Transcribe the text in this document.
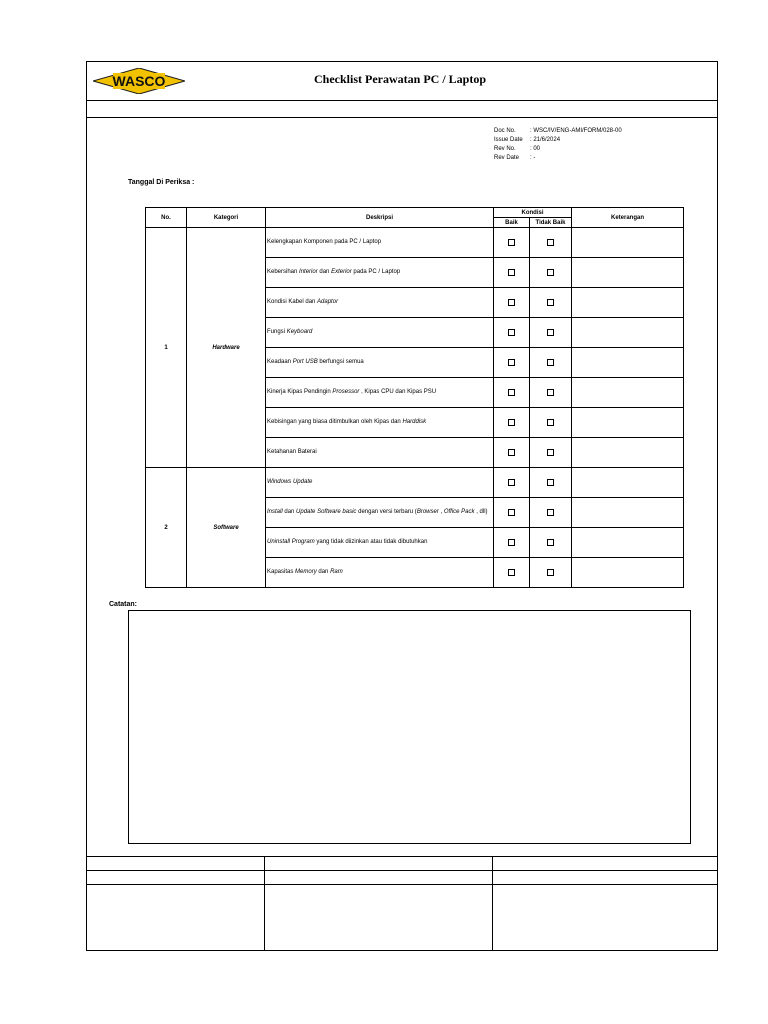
WASCO	Checklist Perawatan PC / Laptop
Doc No.	: WSC/IV/ENG-AMI/FORM/028-00
Issue Date	: 21/6/2024
Rev No.	: 00
Rev Date	: -
Tanggal Di Periksa :
No.	Kategori	Deskripsi	Kondisi		Keterangan
			Baik	Tidak Baik	
1	Hardware	Kelengkapan Komponen pada PC / Laptop			
		Kebersihan Interior dan Exterior pada PC / Laptop			
		Kondisi Kabel dan Adaptor			
		Fungsi Keyboard			
		Keadaan Port USB berfungsi semua			
		Kinerja Kipas Pendingin Prosessor , Kipas CPU dan Kipas PSU			
		Kebisingan yang biasa ditimbulkan oleh Kipas dan Harddisk			
		Ketahanan Baterai			
2	Software	Windows Update			
		Install dan Update Software basic dengan versi terbaru (Browser , Office Pack , dll)			
		Uninstall Program yang tidak diizinkan atau tidak dibutuhkan			
		Kapasitas Memory dan Ram			
Catatan:
